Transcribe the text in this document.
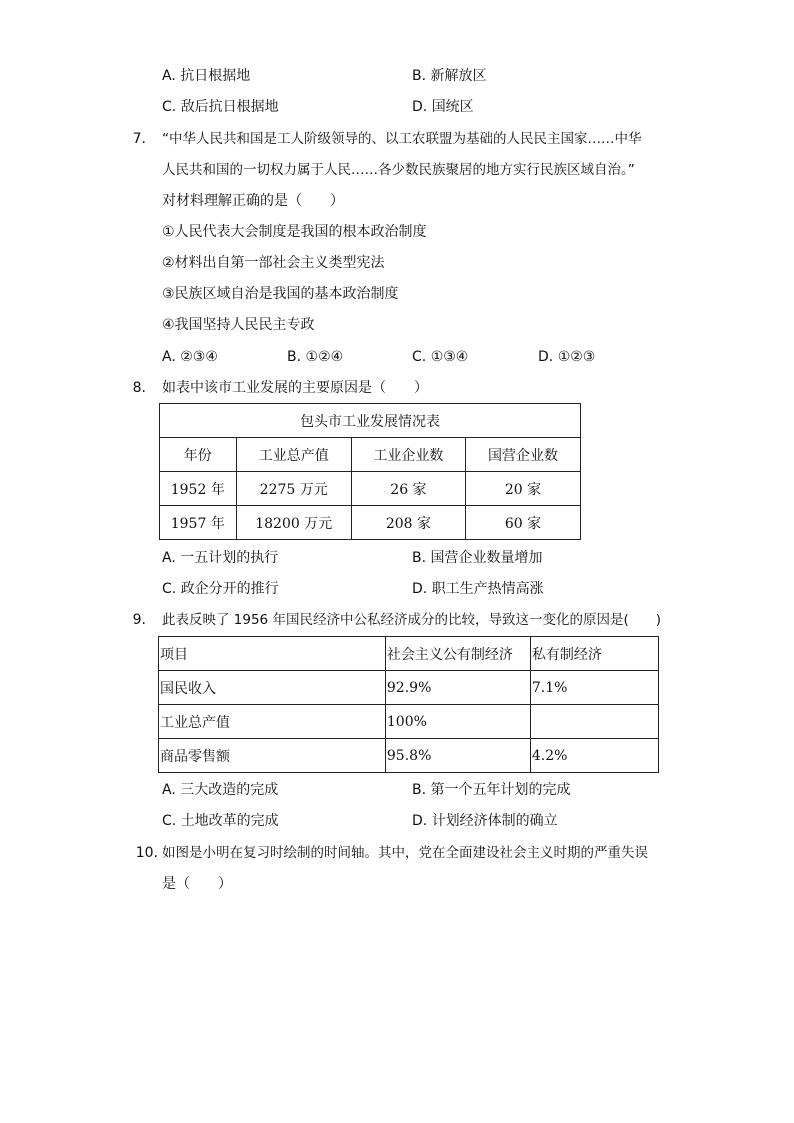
A. 抗日根据地	B. 新解放区
C. 敌后抗日根据地	D. 国统区
7. “中华人民共和国是工人阶级领导的、以工农联盟为基础的人民民主国家……中华
人民共和国的一切权力属于人民……各少数民族聚居的地方实行民族区域自治。”
对材料理解正确的是（　　）
①人民代表大会制度是我国的根本政治制度
②材料出自第一部社会主义类型宪法
③民族区域自治是我国的基本政治制度
④我国坚持人民民主专政
A. ②③④	B. ①②④	C. ①③④	D. ①②③
8. 如表中该市工业发展的主要原因是（　　）
包头市工业发展情况表			
年份	工业总产值	工业企业数	国营企业数
1952 年	2275 万元	26 家	20 家
1957 年	18200 万元	208 家	60 家
A. 一五计划的执行	B. 国营企业数量增加
C. 政企分开的推行	D. 职工生产热情高涨
9. 此表反映了 1956 年国民经济中公私经济成分的比较，导致这一变化的原因是(　　)
项目	社会主义公有制经济	私有制经济
国民收入	92.9%	7.1%
工业总产值	100%	
商品零售额	95.8%	4.2%
A. 三大改造的完成	B. 第一个五年计划的完成
C. 土地改革的完成	D. 计划经济体制的确立
10. 如图是小明在复习时绘制的时间轴。其中，党在全面建设社会主义时期的严重失误
是（　　）
